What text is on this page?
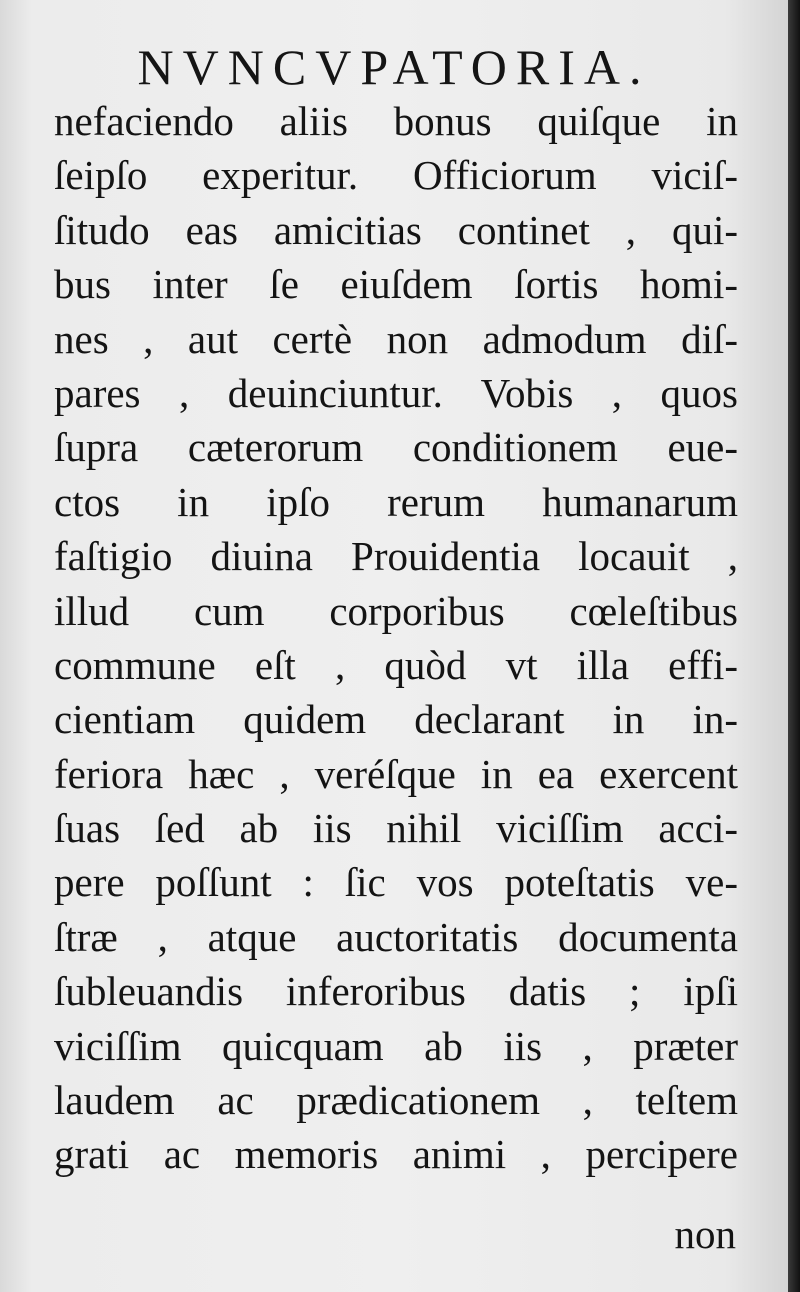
NVNCVPATORIA.
nefaciendo aliis bonus quiſque in
ſeipſo experitur. Officiorum viciſ-
ſitudo eas amicitias continet , qui-
bus inter ſe eiuſdem ſortis homi-
nes , aut certè non admodum diſ-
pares , deuinciuntur. Vobis , quos
ſupra cæterorum conditionem eue-
ctos in ipſo rerum humanarum
faſtigio diuina Prouidentia locauit ,
illud cum corporibus cœleſtibus
commune eſt , quòd vt illa effi-
cientiam quidem declarant in in-
feriora hæc , veréſque in ea exercent
ſuas ſed ab iis nihil viciſſim acci-
pere poſſunt : ſic vos poteſtatis ve-
ſtræ , atque auctoritatis documenta
ſubleuandis inferoribus datis ; ipſi
viciſſim quicquam ab iis , præter
laudem ac prædicationem , teſtem
grati ac memoris animi , percipere
non
